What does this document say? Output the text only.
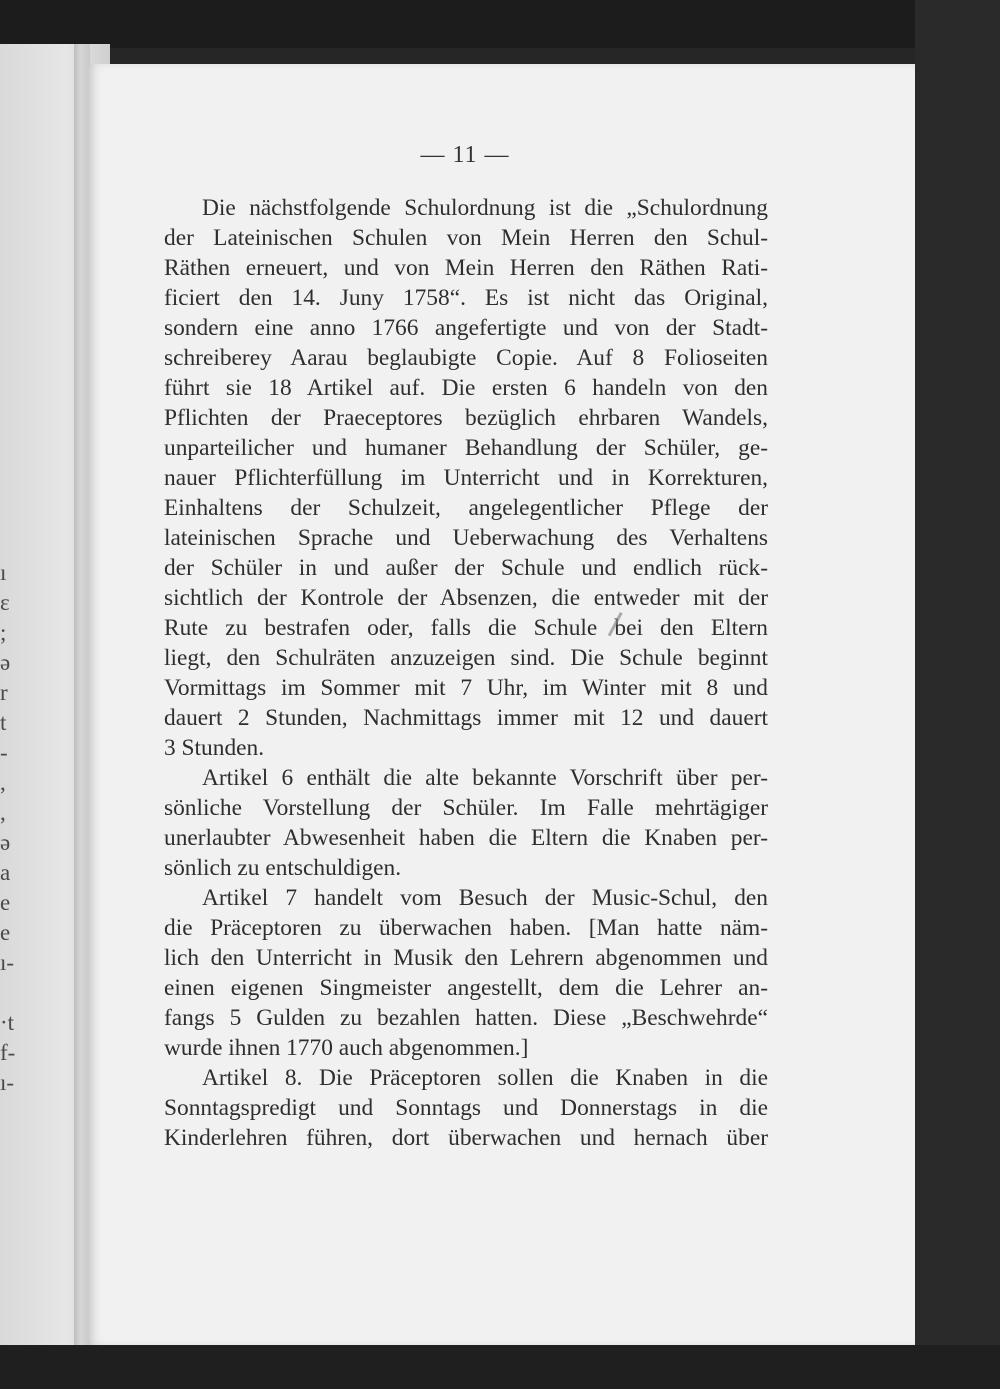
ı
ɛ
;
ə
r
t
-
,
,
ə
a
e
e
ı-
·t
f-
ı-
— 11 —
Die nächstfolgende Schulordnung ist die „Schulordnung
der Lateinischen Schulen von Mein Herren den Schul-
Räthen erneuert, und von Mein Herren den Räthen Rati-
ficiert den 14. Juny 1758“. Es ist nicht das Original,
sondern eine anno 1766 angefertigte und von der Stadt-
schreiberey Aarau beglaubigte Copie. Auf 8 Folioseiten
führt sie 18 Artikel auf. Die ersten 6 handeln von den
Pflichten der Praeceptores bezüglich ehrbaren Wandels,
unparteilicher und humaner Behandlung der Schüler, ge-
nauer Pflichterfüllung im Unterricht und in Korrekturen,
Einhaltens der Schulzeit, angelegentlicher Pflege der
lateinischen Sprache und Ueberwachung des Verhaltens
der Schüler in und außer der Schule und endlich rück-
sichtlich der Kontrole der Absenzen, die entweder mit der
Rute zu bestrafen oder, falls die Schule bei den Eltern
liegt, den Schulräten anzuzeigen sind. Die Schule beginnt
Vormittags im Sommer mit 7 Uhr, im Winter mit 8 und
dauert 2 Stunden, Nachmittags immer mit 12 und dauert
3 Stunden.
Artikel 6 enthält die alte bekannte Vorschrift über per-
sönliche Vorstellung der Schüler. Im Falle mehrtägiger
unerlaubter Abwesenheit haben die Eltern die Knaben per-
sönlich zu entschuldigen.
Artikel 7 handelt vom Besuch der Music-Schul, den
die Präceptoren zu überwachen haben. [Man hatte näm-
lich den Unterricht in Musik den Lehrern abgenommen und
einen eigenen Singmeister angestellt, dem die Lehrer an-
fangs 5 Gulden zu bezahlen hatten. Diese „Beschwehrde“
wurde ihnen 1770 auch abgenommen.]
Artikel 8. Die Präceptoren sollen die Knaben in die
Sonntagspredigt und Sonntags und Donnerstags in die
Kinderlehren führen, dort überwachen und hernach über
